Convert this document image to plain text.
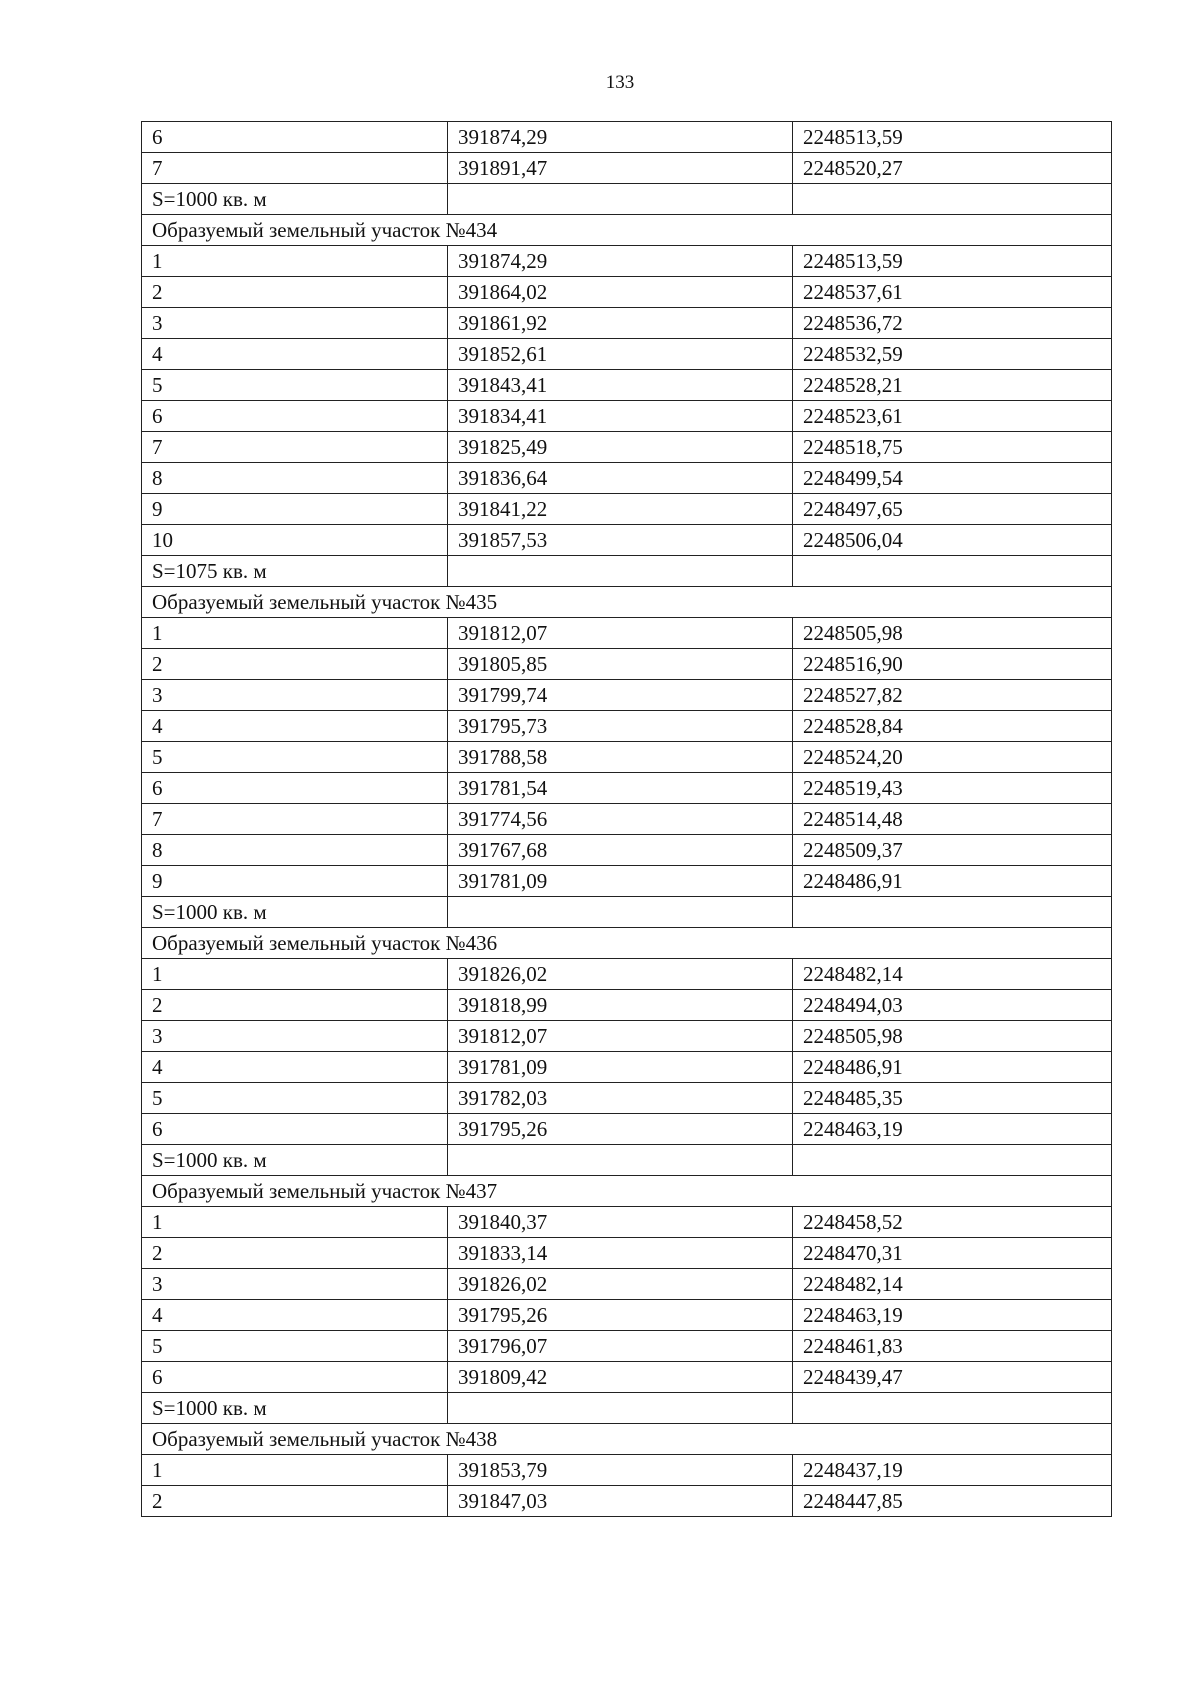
133
6	391874,29	2248513,59
7	391891,47	2248520,27
S=1000 кв. м		
Образуемый земельный участок №434		
1	391874,29	2248513,59
2	391864,02	2248537,61
3	391861,92	2248536,72
4	391852,61	2248532,59
5	391843,41	2248528,21
6	391834,41	2248523,61
7	391825,49	2248518,75
8	391836,64	2248499,54
9	391841,22	2248497,65
10	391857,53	2248506,04
S=1075 кв. м		
Образуемый земельный участок №435		
1	391812,07	2248505,98
2	391805,85	2248516,90
3	391799,74	2248527,82
4	391795,73	2248528,84
5	391788,58	2248524,20
6	391781,54	2248519,43
7	391774,56	2248514,48
8	391767,68	2248509,37
9	391781,09	2248486,91
S=1000 кв. м		
Образуемый земельный участок №436		
1	391826,02	2248482,14
2	391818,99	2248494,03
3	391812,07	2248505,98
4	391781,09	2248486,91
5	391782,03	2248485,35
6	391795,26	2248463,19
S=1000 кв. м		
Образуемый земельный участок №437		
1	391840,37	2248458,52
2	391833,14	2248470,31
3	391826,02	2248482,14
4	391795,26	2248463,19
5	391796,07	2248461,83
6	391809,42	2248439,47
S=1000 кв. м		
Образуемый земельный участок №438		
1	391853,79	2248437,19
2	391847,03	2248447,85
